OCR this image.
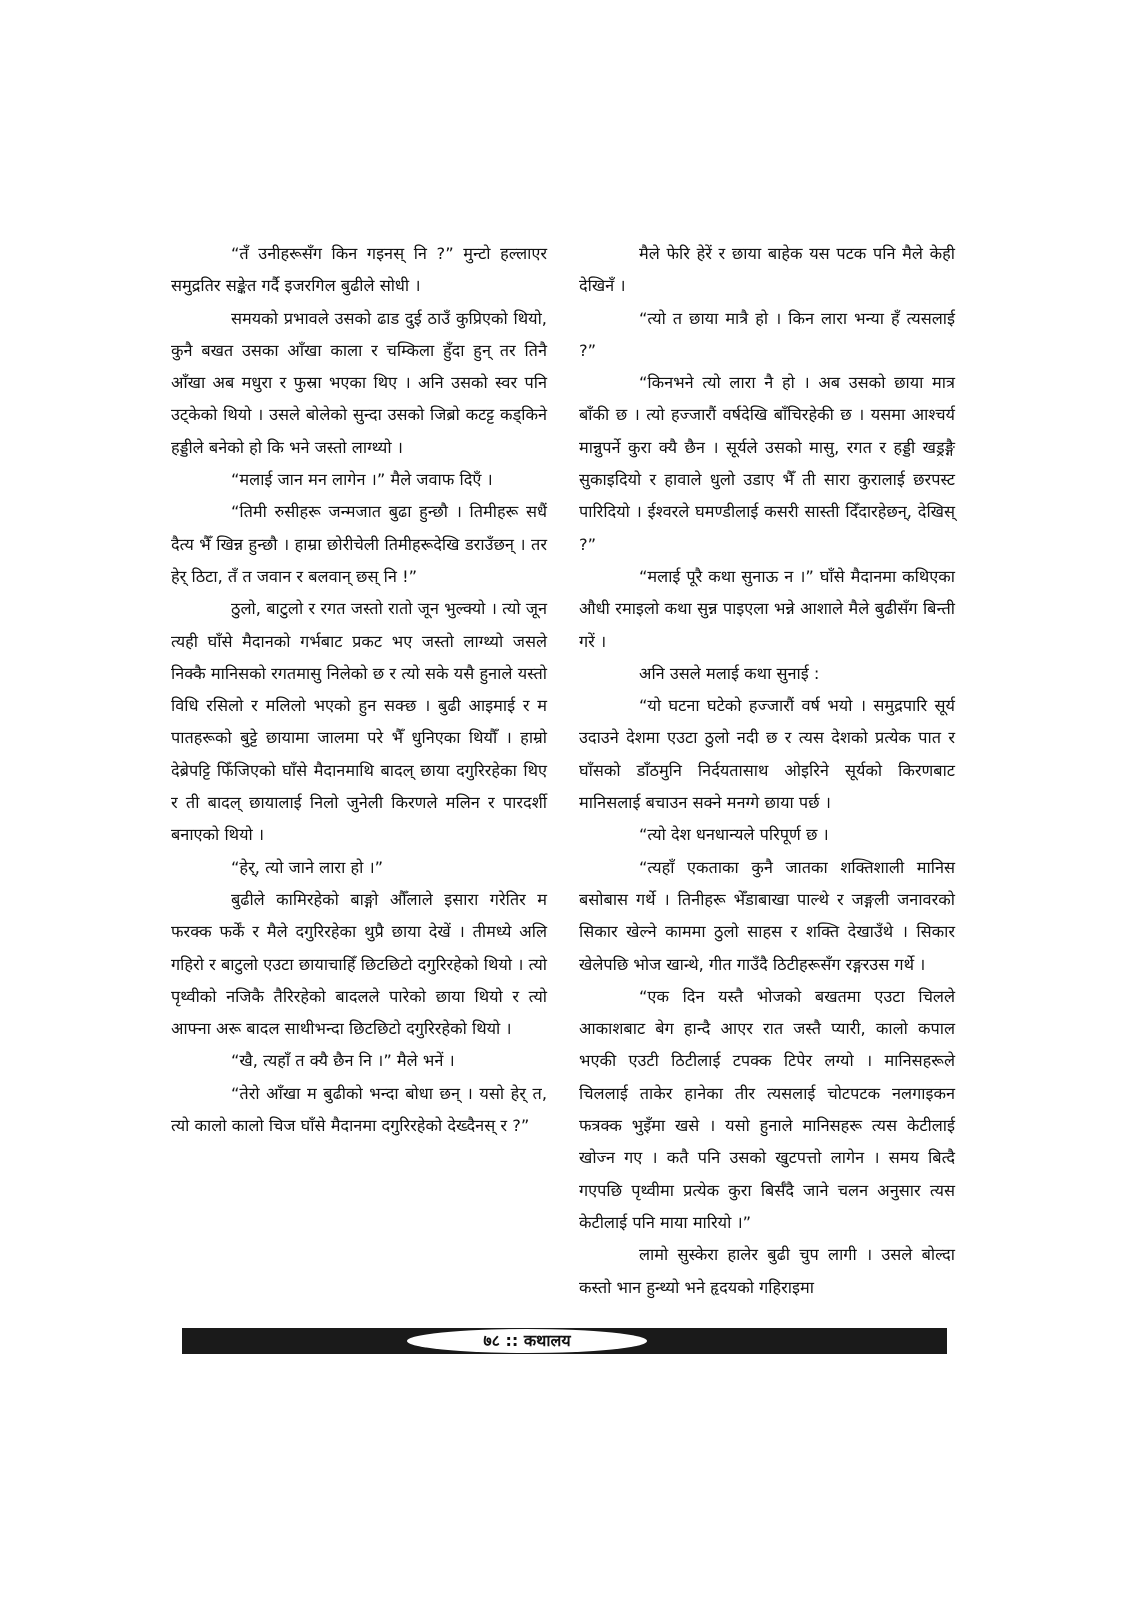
“तँ उनीहरूसँग किन गइनस् नि ?” मुन्टो हल्लाएर समुद्रतिर सङ्केत गर्दै इजरगिल बुढीले सोधी ।

समयको प्रभावले उसको ढाड दुई ठाउँ कुप्रिएको थियो, कुनै बखत उसका आँखा काला र चम्किला हुँदा हुन् तर तिनै आँखा अब मधुरा र फुस्रा भएका थिए । अनि उसको स्वर पनि उट्केको थियो । उसले बोलेको सुन्दा उसको जिब्रो कटट्ट कड्किने हड्डीले बनेको हो कि भने जस्तो लाग्थ्यो ।

“मलाई जान मन लागेन ।” मैले जवाफ दिएँ ।

“तिमी रुसीहरू जन्मजात बुढा हुन्छौ । तिमीहरू सधैं दैत्य भैँ खिन्न हुन्छौ । हाम्रा छोरीचेली तिमीहरूदेखि डराउँछन् । तर हेर् ठिटा, तँ त जवान र बलवान् छस् नि !”

ठुलो, बाटुलो र रगत जस्तो रातो जून भुल्क्यो । त्यो जून त्यही घाँसे मैदानको गर्भबाट प्रकट भए जस्तो लाग्थ्यो जसले निक्कै मानिसको रगतमासु निलेको छ र त्यो सके यसै हुनाले यस्तो विधि रसिलो र मलिलो भएको हुन सक्छ । बुढी आइमाई र म पातहरूको बुट्टे छायामा जालमा परे भैँ धुनिएका थियौँ । हाम्रो देब्रेपट्टि फिँजिएको घाँसे मैदानमाथि बादल् छाया दगुरिरहेका थिए र ती बादल् छायालाई निलो जुनेली किरणले मलिन र पारदर्शी बनाएको थियो ।

“हेर्, त्यो जाने लारा हो ।”

बुढीले कामिरहेको बाङ्गो औँलाले इसारा गरेतिर म फरक्क फर्कें र मैले दगुरिरहेका थुप्रै छाया देखें । तीमध्ये अलि गहिरो र बाटुलो एउटा छायाचाहिँ छिटछिटो दगुरिरहेको थियो । त्यो पृथ्वीको नजिकै तैरिरहेको बादलले पारेको छाया थियो र त्यो आफ्ना अरू बादल साथीभन्दा छिटछिटो दगुरिरहेको थियो ।

“खै, त्यहाँ त क्यै छैन नि ।” मैले भनें ।

“तेरो आँखा म बुढीको भन्दा बोधा छन् । यसो हेर् त, त्यो कालो कालो चिज घाँसे मैदानमा दगुरिरहेको देख्दैनस् र ?”

मैले फेरि हेरें र छाया बाहेक यस पटक पनि मैले केही देखिनँ ।

“त्यो त छाया मात्रै हो । किन लारा भन्या हँ त्यसलाई ?”

“किनभने त्यो लारा नै हो । अब उसको छाया मात्र बाँकी छ । त्यो हज्जारौं वर्षदेखि बाँचिरहेकी छ । यसमा आश्चर्य मान्नुपर्ने कुरा क्यै छैन । सूर्यले उसको मासु, रगत र हड्डी खड्रङ्गै सुकाइदियो र हावाले धुलो उडाए भैँ ती सारा कुरालाई छरपस्ट पारिदियो । ईश्वरले घमण्डीलाई कसरी सास्ती दिँदारहेछन्, देखिस् ?”

“मलाई पूरै कथा सुनाऊ न ।” घाँसे मैदानमा कथिएका औधी रमाइलो कथा सुन्न पाइएला भन्ने आशाले मैले बुढीसँग बिन्ती गरें ।

अनि उसले मलाई कथा सुनाई :

“यो घटना घटेको हज्जारौं वर्ष भयो । समुद्रपारि सूर्य उदाउने देशमा एउटा ठुलो नदी छ र त्यस देशको प्रत्येक पात र घाँसको डाँठमुनि निर्दयतासाथ ओइरिने सूर्यको किरणबाट मानिसलाई बचाउन सक्ने मनग्गे छाया पर्छ ।

“त्यो देश धनधान्यले परिपूर्ण छ ।

“त्यहाँ एकताका कुनै जातका शक्तिशाली मानिस बसोबास गर्थे । तिनीहरू भेँडाबाखा पाल्थे र जङ्गली जनावरको सिकार खेल्ने काममा ठुलो साहस र शक्ति देखाउँथे । सिकार खेलेपछि भोज खान्थे, गीत गाउँदै ठिटीहरूसँग रङ्गरउस गर्थे ।

“एक दिन यस्तै भोजको बखतमा एउटा चिलले आकाशबाट बेग हान्दै आएर रात जस्तै प्यारी, कालो कपाल भएकी एउटी ठिटीलाई टपक्क टिपेर लग्यो । मानिसहरूले चिललाई ताकेर हानेका तीर त्यसलाई चोटपटक नलगाइकन फत्रक्क भुइँमा खसे । यसो हुनाले मानिसहरू त्यस केटीलाई खोज्न गए । कतै पनि उसको खुटपत्तो लागेन । समय बित्दै गएपछि पृथ्वीमा प्रत्येक कुरा बिर्सँदै जाने चलन अनुसार त्यस केटीलाई पनि माया मारियो ।”

लामो सुस्केरा हालेर बुढी चुप लागी । उसले बोल्दा कस्तो भान हुन्थ्यो भने हृदयको गहिराइमा

७८ :: कथालय
